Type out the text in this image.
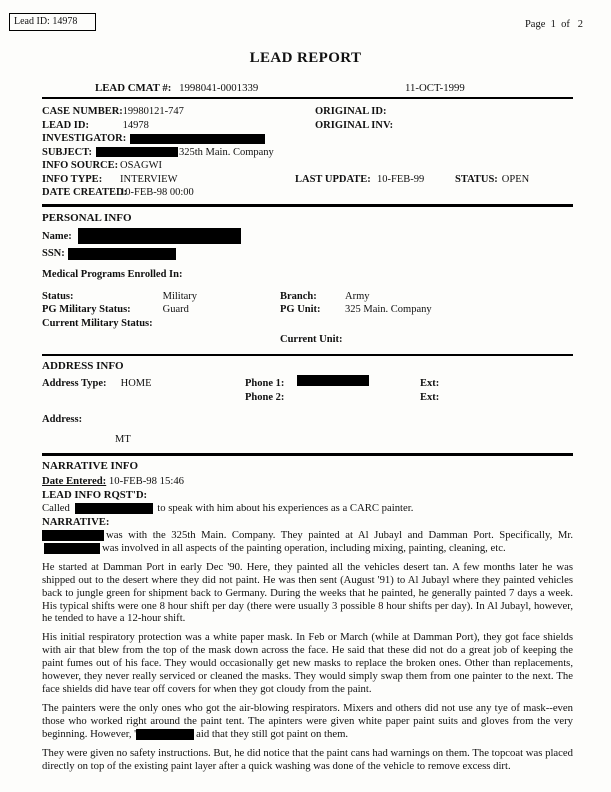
Lead ID: 14978	Page  1  of   2
LEAD REPORT
LEAD CMAT #: 1998041-0001339	11-OCT-1999
CASE NUMBER: 19980121-747	ORIGINAL ID:
LEAD ID:	14978	ORIGINAL INV:
INVESTIGATOR:
SUBJECT:	325th Main. Company
INFO SOURCE: OSAGWI
INFO TYPE:	INTERVIEW	LAST UPDATE: 10-FEB-99	STATUS: OPEN
DATE CREATED:
10-FEB-98 00:00
PERSONAL INFO
Name:
SSN:
Medical Programs Enrolled In:
Status:	Military	Branch:	Army
PG Military Status:	Guard	PG Unit:	325 Main. Company
Current Military Status:
Current Unit:
ADDRESS INFO
Address Type: HOME	Phone 1:	Ext:
Phone 2:	Ext:
Address:
MT
NARRATIVE INFO
Date Entered: 10-FEB-98 15:46
LEAD INFO RQST'D:
Called	to speak with him about his experiences as a CARC painter.
NARRATIVE:

was with the 325th Main. Company. They painted at Al Jubayl and Damman Port. Specifically, Mr. was involved in all aspects of the painting operation, including mixing, painting, cleaning, etc.

He started at Damman Port in early Dec '90. Here, they painted all the vehicles desert tan. A few months later he was shipped out to the desert where they did not paint. He was then sent (August '91) to Al Jubayl where they painted vehicles back to jungle green for shipment back to Germany. During the weeks that he painted, he generally painted 7 days a week. His typical shifts were one 8 hour shift per day (there were usually 3 possible 8 hour shifts per day). In Al Jubayl, however, he tended to have a 12-hour shift.

His initial respiratory protection was a white paper mask. In Feb or March (while at Damman Port), they got face shields with air that blew from the top of the mask down across the face. He said that these did not do a great job of keeping the paint fumes out of his face. They would occasionally get new masks to replace the broken ones. Other than replacements, however, they never really serviced or cleaned the masks. They would simply swap them from one painter to the next. The face shields did have tear off covers for when they got cloudy from the paint.

The painters were the only ones who got the air-blowing respirators. Mixers and others did not use any tye of mask--even those who worked right around the paint tent. The apinters were given white paper paint suits and gloves from the very beginning. However, '	aid that they still got paint on them.

They were given no safety instructions. But, he did notice that the paint cans had warnings on them. The topcoat was placed directly on top of the existing paint layer after a quick washing was done of the vehicle to remove excess dirt.
